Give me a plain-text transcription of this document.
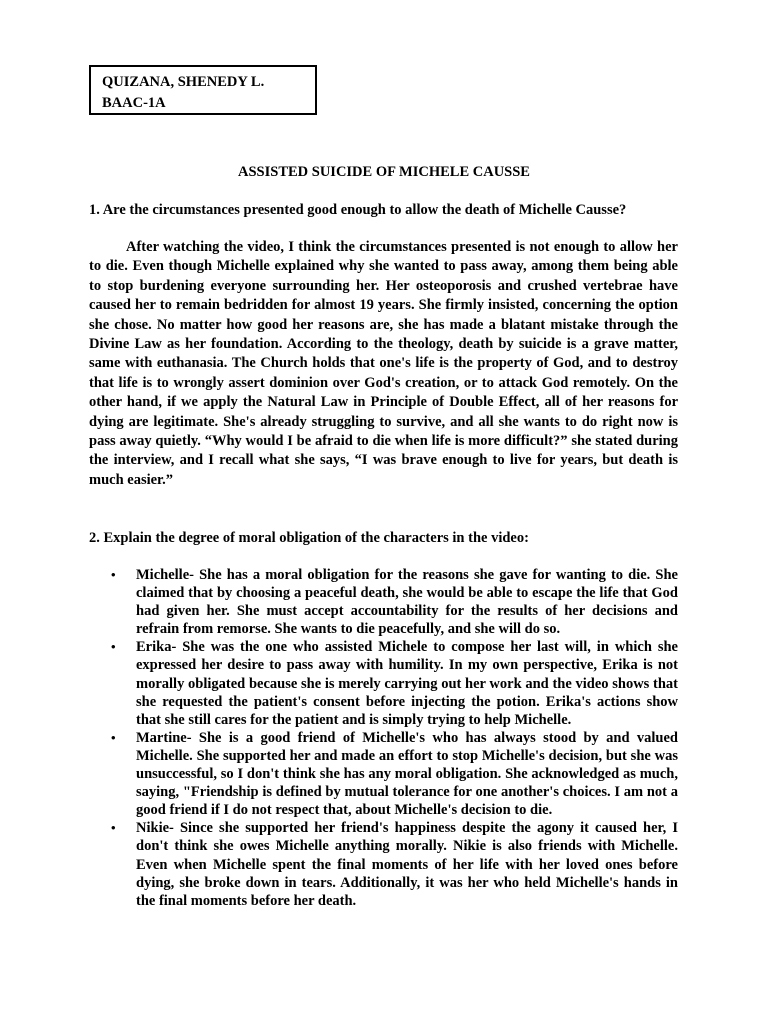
QUIZANA, SHENEDY L.
BAAC-1A
ASSISTED SUICIDE OF MICHELE CAUSSE
1. Are the circumstances presented good enough to allow the death of Michelle Causse?

After watching the video, I think the circumstances presented is not enough to allow her to die. Even though Michelle explained why she wanted to pass away, among them being able to stop burdening everyone surrounding her. Her osteoporosis and crushed vertebrae have caused her to remain bedridden for almost 19 years. She firmly insisted, concerning the option she chose. No matter how good her reasons are, she has made a blatant mistake through the Divine Law as her foundation. According to the theology, death by suicide is a grave matter, same with euthanasia. The Church holds that one's life is the property of God, and to destroy that life is to wrongly assert dominion over God's creation, or to attack God remotely. On the other hand, if we apply the Natural Law in Principle of Double Effect, all of her reasons for dying are legitimate. She's already struggling to survive, and all she wants to do right now is pass away quietly. “Why would I be afraid to die when life is more difficult?” she stated during the interview, and I recall what she says, “I was brave enough to live for years, but death is much easier.”

2. Explain the degree of moral obligation of the characters in the video:
• Michelle- She has a moral obligation for the reasons she gave for wanting to die. She claimed that by choosing a peaceful death, she would be able to escape the life that God had given her. She must accept accountability for the results of her decisions and refrain from remorse. She wants to die peacefully, and she will do so.
• Erika- She was the one who assisted Michele to compose her last will, in which she expressed her desire to pass away with humility. In my own perspective, Erika is not morally obligated because she is merely carrying out her work and the video shows that she requested the patient's consent before injecting the potion. Erika's actions show that she still cares for the patient and is simply trying to help Michelle.
• Martine- She is a good friend of Michelle's who has always stood by and valued Michelle. She supported her and made an effort to stop Michelle's decision, but she was unsuccessful, so I don't think she has any moral obligation. She acknowledged as much, saying, "Friendship is defined by mutual tolerance for one another's choices. I am not a good friend if I do not respect that, about Michelle's decision to die.
• Nikie- Since she supported her friend's happiness despite the agony it caused her, I don't think she owes Michelle anything morally. Nikie is also friends with Michelle. Even when Michelle spent the final moments of her life with her loved ones before dying, she broke down in tears. Additionally, it was her who held Michelle's hands in the final moments before her death.
